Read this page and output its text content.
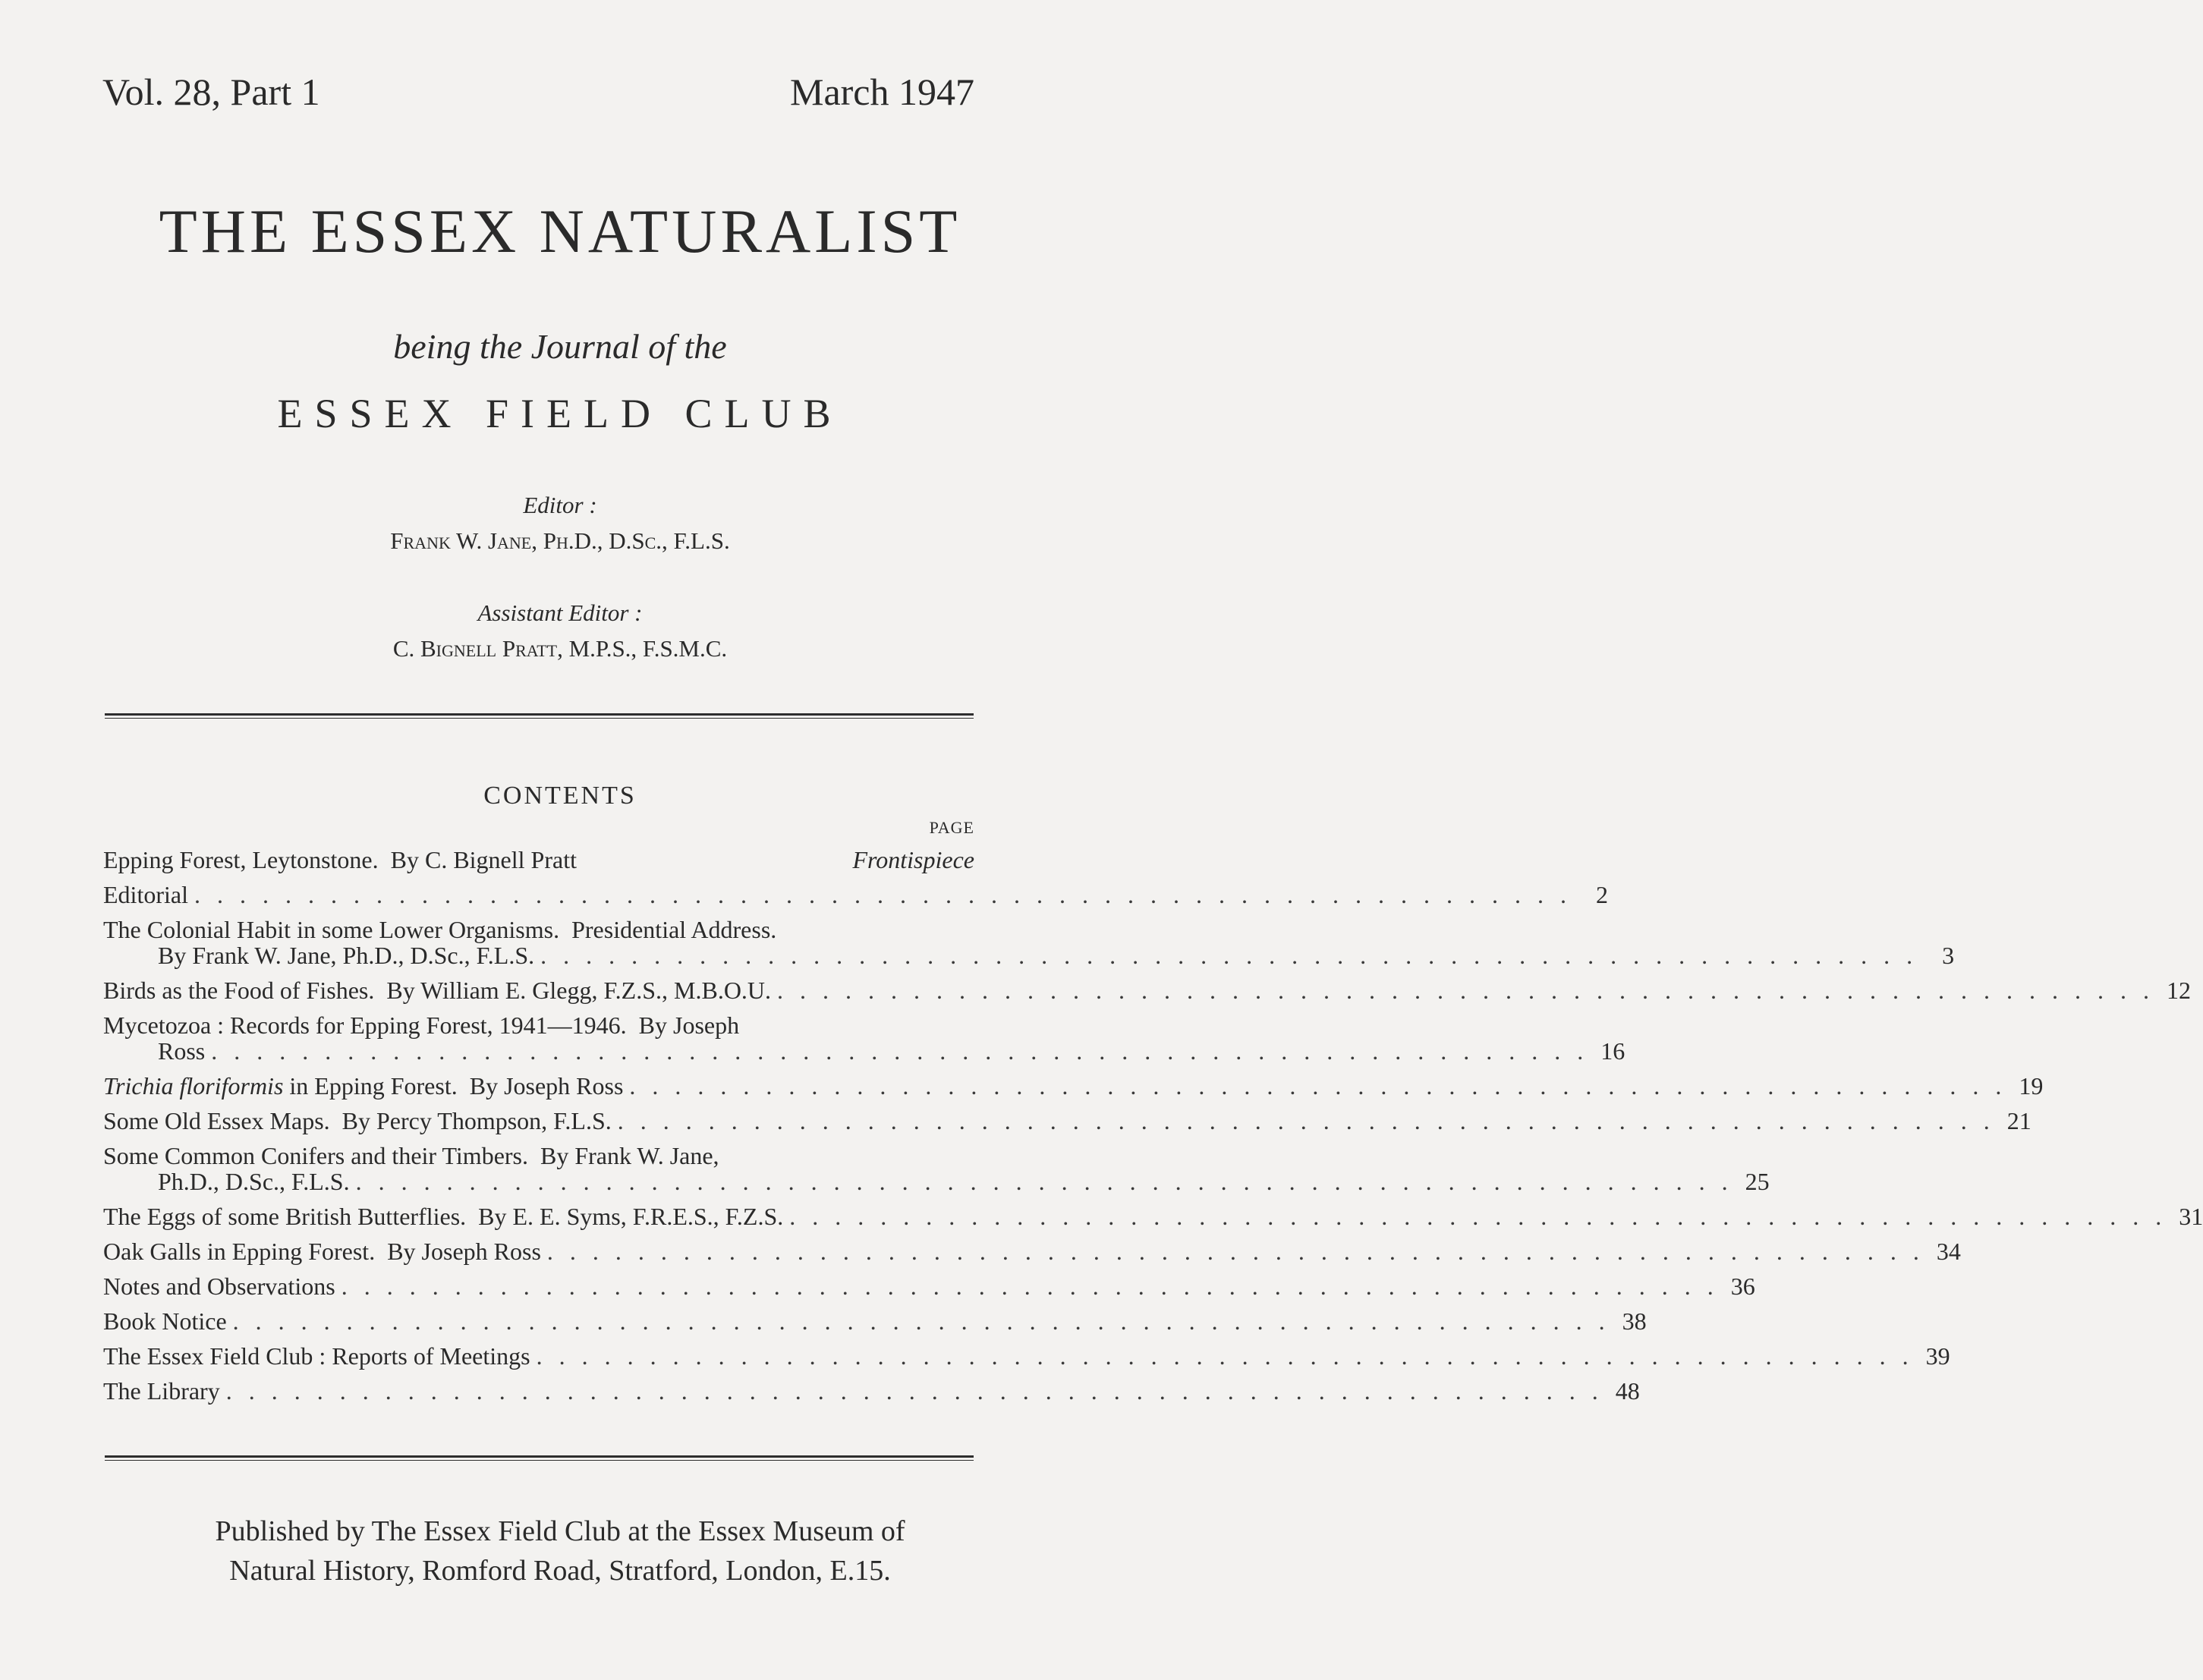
Vol. 28, Part 1	March 1947
THE ESSEX NATURALIST
being the Journal of the
ESSEX FIELD CLUB
Editor :
Frank W. Jane, Ph.D., D.Sc., F.L.S.
Assistant Editor :
C. Bignell Pratt, M.P.S., F.S.M.C.
CONTENTS
PAGE
Epping Forest, Leytonstone.  By C. Bignell Pratt	Frontispiece
Editorial . . . . . . . . . . . . . . . . . . . . . . . . . . . . . . . . . . . . . . . . . . . . . . . . . . . . . . . . . . . . .	2
The Colonial Habit in some Lower Organisms.  Presidential Address.
By Frank W. Jane, Ph.D., D.Sc., F.L.S. . . . . . . . . . . . . . . . . . . . . . . . . . . . . . . . . . . . . . . . . . . . . . . . . . . . . . . . . . . . . .	3
Birds as the Food of Fishes.  By William E. Glegg, F.Z.S., M.B.O.U. . . . . . . . . . . . . . . . . . . . . . . . . . . . . . . . . . . . . . . . . . . . . . . . . . . . . . . . . . . . . . 12
Mycetozoa : Records for Epping Forest, 1941—1946.  By Joseph
Ross . . . . . . . . . . . . . . . . . . . . . . . . . . . . . . . . . . . . . . . . . . . . . . . . . . . . . . . . . . . . . 16
Trichia floriformis in Epping Forest.  By Joseph Ross . . . . . . . . . . . . . . . . . . . . . . . . . . . . . . . . . . . . . . . . . . . . . . . . . . . . . . . . . . . . . 19
Some Old Essex Maps.  By Percy Thompson, F.L.S. . . . . . . . . . . . . . . . . . . . . . . . . . . . . . . . . . . . . . . . . . . . . . . . . . . . . . . . . . . . . . 21
Some Common Conifers and their Timbers.  By Frank W. Jane,
Ph.D., D.Sc., F.L.S. . . . . . . . . . . . . . . . . . . . . . . . . . . . . . . . . . . . . . . . . . . . . . . . . . . . . . . . . . . . . . 25
The Eggs of some British Butterflies.  By E. E. Syms, F.R.E.S., F.Z.S. . . . . . . . . . . . . . . . . . . . . . . . . . . . . . . . . . . . . . . . . . . . . . . . . . . . . . . . . . . . . . 31
Oak Galls in Epping Forest.  By Joseph Ross . . . . . . . . . . . . . . . . . . . . . . . . . . . . . . . . . . . . . . . . . . . . . . . . . . . . . . . . . . . . . 34
Notes and Observations . . . . . . . . . . . . . . . . . . . . . . . . . . . . . . . . . . . . . . . . . . . . . . . . . . . . . . . . . . . . . 36
Book Notice . . . . . . . . . . . . . . . . . . . . . . . . . . . . . . . . . . . . . . . . . . . . . . . . . . . . . . . . . . . . . 38
The Essex Field Club : Reports of Meetings . . . . . . . . . . . . . . . . . . . . . . . . . . . . . . . . . . . . . . . . . . . . . . . . . . . . . . . . . . . . . 39
The Library . . . . . . . . . . . . . . . . . . . . . . . . . . . . . . . . . . . . . . . . . . . . . . . . . . . . . . . . . . . . . 48
Published by The Essex Field Club at the Essex Museum of
Natural History, Romford Road, Stratford, London, E.15.
